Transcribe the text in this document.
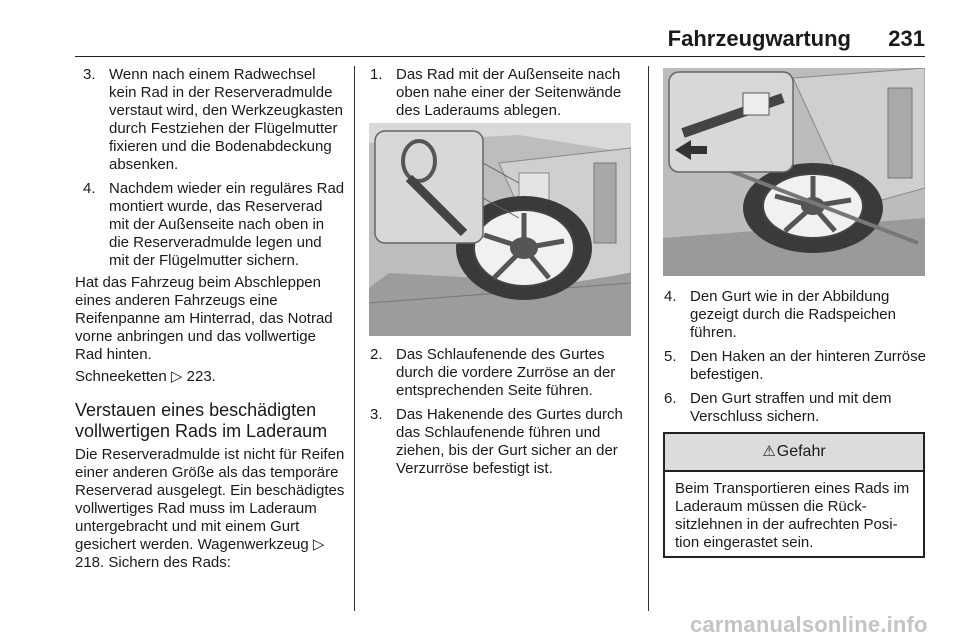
Fahrzeugwartung 231
3. Wenn nach einem Radwechsel kein Rad in der Reserveradmulde verstaut wird, den Werkzeugkasten durch Festziehen der Flügelmutter fixieren und die Bodenabdeckung absenken.
4. Nachdem wieder ein reguläres Rad montiert wurde, das Reserverad mit der Außenseite nach oben in die Reserveradmulde legen und mit der Flügelmutter sichern.

Hat das Fahrzeug beim Abschleppen eines anderen Fahrzeugs eine Reifenpanne am Hinterrad, das Notrad vorne anbringen und das vollwertige Rad hinten.

Schneeketten ▷ 223.

Verstauen eines beschädigten vollwertigen Rads im Laderaum

Die Reserveradmulde ist nicht für Reifen einer anderen Größe als das temporäre Reserverad ausgelegt. Ein beschädigtes vollwertiges Rad muss im Laderaum untergebracht und mit einem Gurt gesichert werden. Wagenwerkzeug ▷ 218. Sichern des Rads:

1. Das Rad mit der Außenseite nach oben nahe einer der Seitenwände des Laderaums ablegen.
2. Das Schlaufenende des Gurtes durch die vordere Zurröse an der entsprechenden Seite führen.
3. Das Hakenende des Gurtes durch das Schlaufenende führen und ziehen, bis der Gurt sicher an der Verzurröse befestigt ist.
4. Den Gurt wie in der Abbildung gezeigt durch die Radspeichen führen.
5. Den Haken an der hinteren Zurröse befestigen.
6. Den Gurt straffen und mit dem Verschluss sichern.
⚠Gefahr
Beim Transportieren eines Rads im Laderaum müssen die Rücksitzlehnen in der aufrechten Position eingerastet sein.
carmanualsonline.info
